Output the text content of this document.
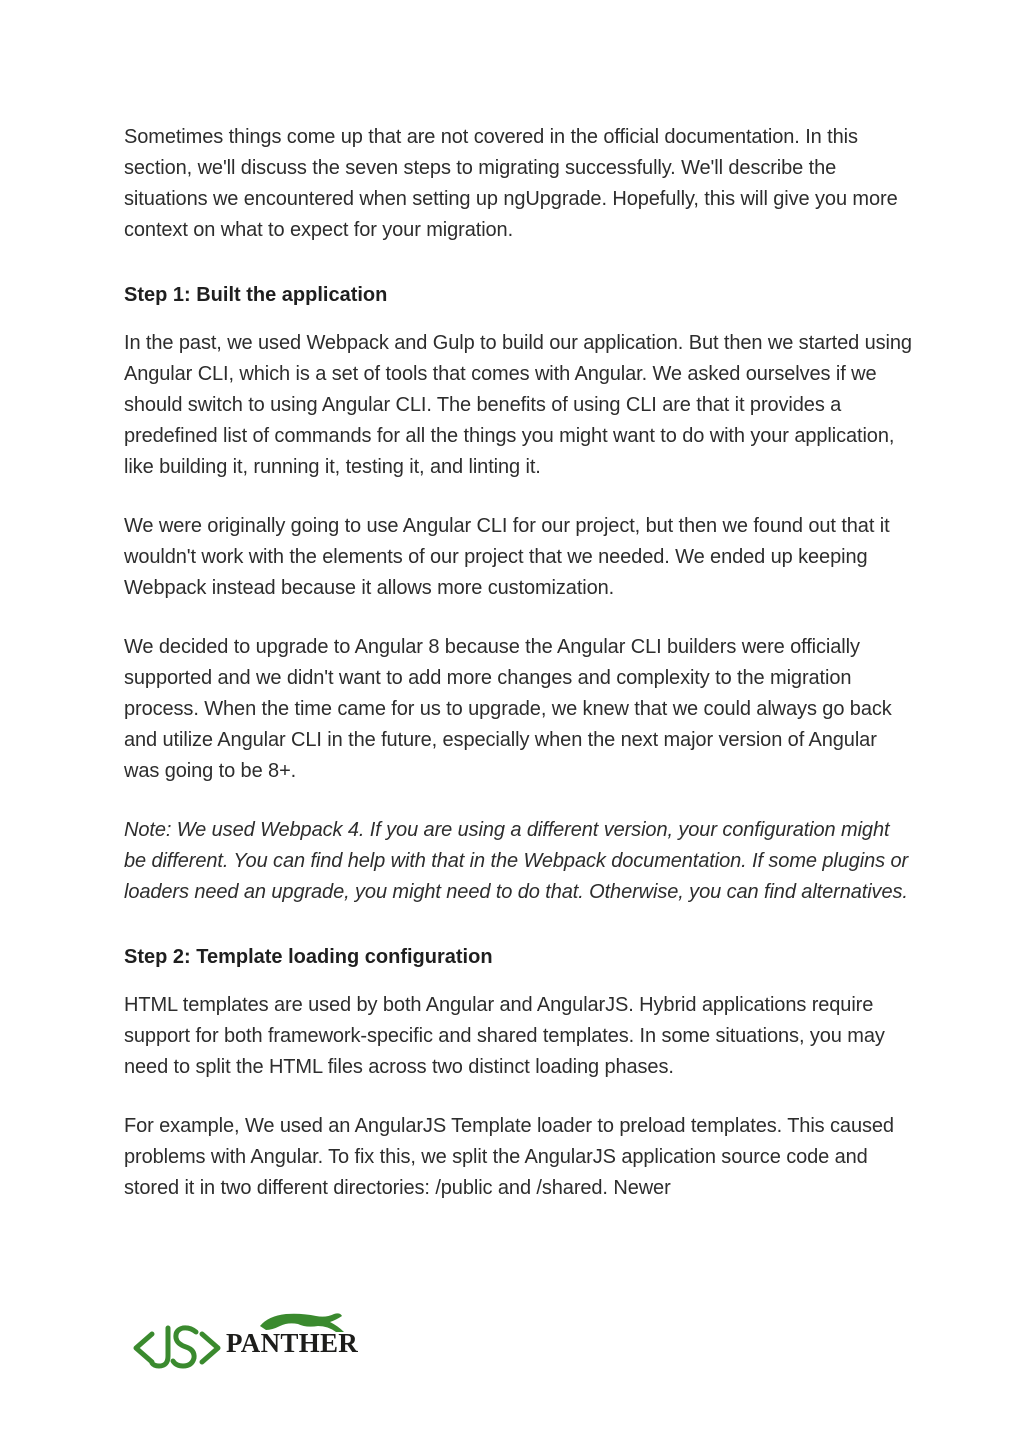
Sometimes things come up that are not covered in the official documentation. In this section, we'll discuss the seven steps to migrating successfully. We'll describe the situations we encountered when setting up ngUpgrade. Hopefully, this will give you more context on what to expect for your migration.

Step 1: Built the application

In the past, we used Webpack and Gulp to build our application. But then we started using Angular CLI, which is a set of tools that comes with Angular. We asked ourselves if we should switch to using Angular CLI. The benefits of using CLI are that it provides a predefined list of commands for all the things you might want to do with your application, like building it, running it, testing it, and linting it.

We were originally going to use Angular CLI for our project, but then we found out that it wouldn't work with the elements of our project that we needed. We ended up keeping Webpack instead because it allows more customization.

We decided to upgrade to Angular 8 because the Angular CLI builders were officially supported and we didn't want to add more changes and complexity to the migration process. When the time came for us to upgrade, we knew that we could always go back and utilize Angular CLI in the future, especially when the next major version of Angular was going to be 8+.

Note: We used Webpack 4. If you are using a different version, your configuration might be different. You can find help with that in the Webpack documentation. If some plugins or loaders need an upgrade, you might need to do that. Otherwise, you can find alternatives.

Step 2: Template loading configuration

HTML templates are used by both Angular and AngularJS. Hybrid applications require support for both framework-specific and shared templates. In some situations, you may need to split the HTML files across two distinct loading phases.

For example, We used an AngularJS Template loader to preload templates. This caused problems with Angular. To fix this, we split the AngularJS application source code and stored it in two different directories: /public and /shared. Newer

PANTHER
